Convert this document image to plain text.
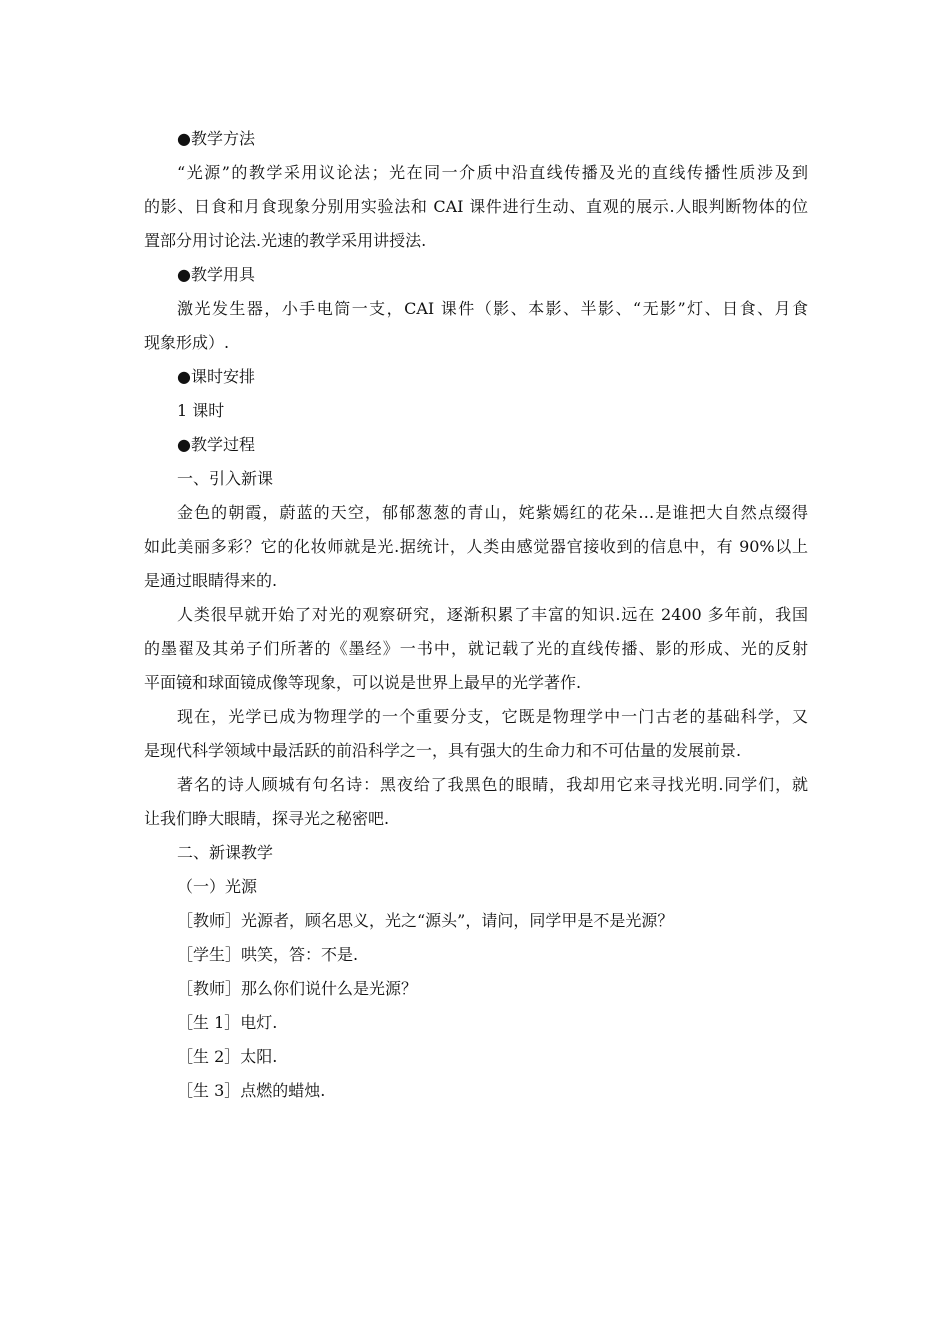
●教学方法
“光源”的教学采用议论法；光在同一介质中沿直线传播及光的直线传播性质涉及到
的影、日食和月食现象分别用实验法和 CAI 课件进行生动、直观的展示.人眼判断物体的位
置部分用讨论法.光速的教学采用讲授法.
●教学用具
激光发生器，小手电筒一支，CAI 课件（影、本影、半影、“无影”灯、日食、月食
现象形成）.
●课时安排
1 课时
●教学过程
一、引入新课
金色的朝霞，蔚蓝的天空，郁郁葱葱的青山，姹紫嫣红的花朵…是谁把大自然点缀得
如此美丽多彩？它的化妆师就是光.据统计，人类由感觉器官接收到的信息中，有 90%以上
是通过眼睛得来的.
人类很早就开始了对光的观察研究，逐渐积累了丰富的知识.远在 2400 多年前，我国
的墨翟及其弟子们所著的《墨经》一书中，就记载了光的直线传播、影的形成、光的反射
平面镜和球面镜成像等现象，可以说是世界上最早的光学著作.
现在，光学已成为物理学的一个重要分支，它既是物理学中一门古老的基础科学，又
是现代科学领域中最活跃的前沿科学之一，具有强大的生命力和不可估量的发展前景.
著名的诗人顾城有句名诗：黑夜给了我黑色的眼睛，我却用它来寻找光明.同学们，就
让我们睁大眼睛，探寻光之秘密吧.
二、新课教学
（一）光源
［教师］光源者，顾名思义，光之“源头”，请问，同学甲是不是光源？
［学生］哄笑，答：不是.
［教师］那么你们说什么是光源？
［生 1］电灯.
［生 2］太阳.
［生 3］点燃的蜡烛.
